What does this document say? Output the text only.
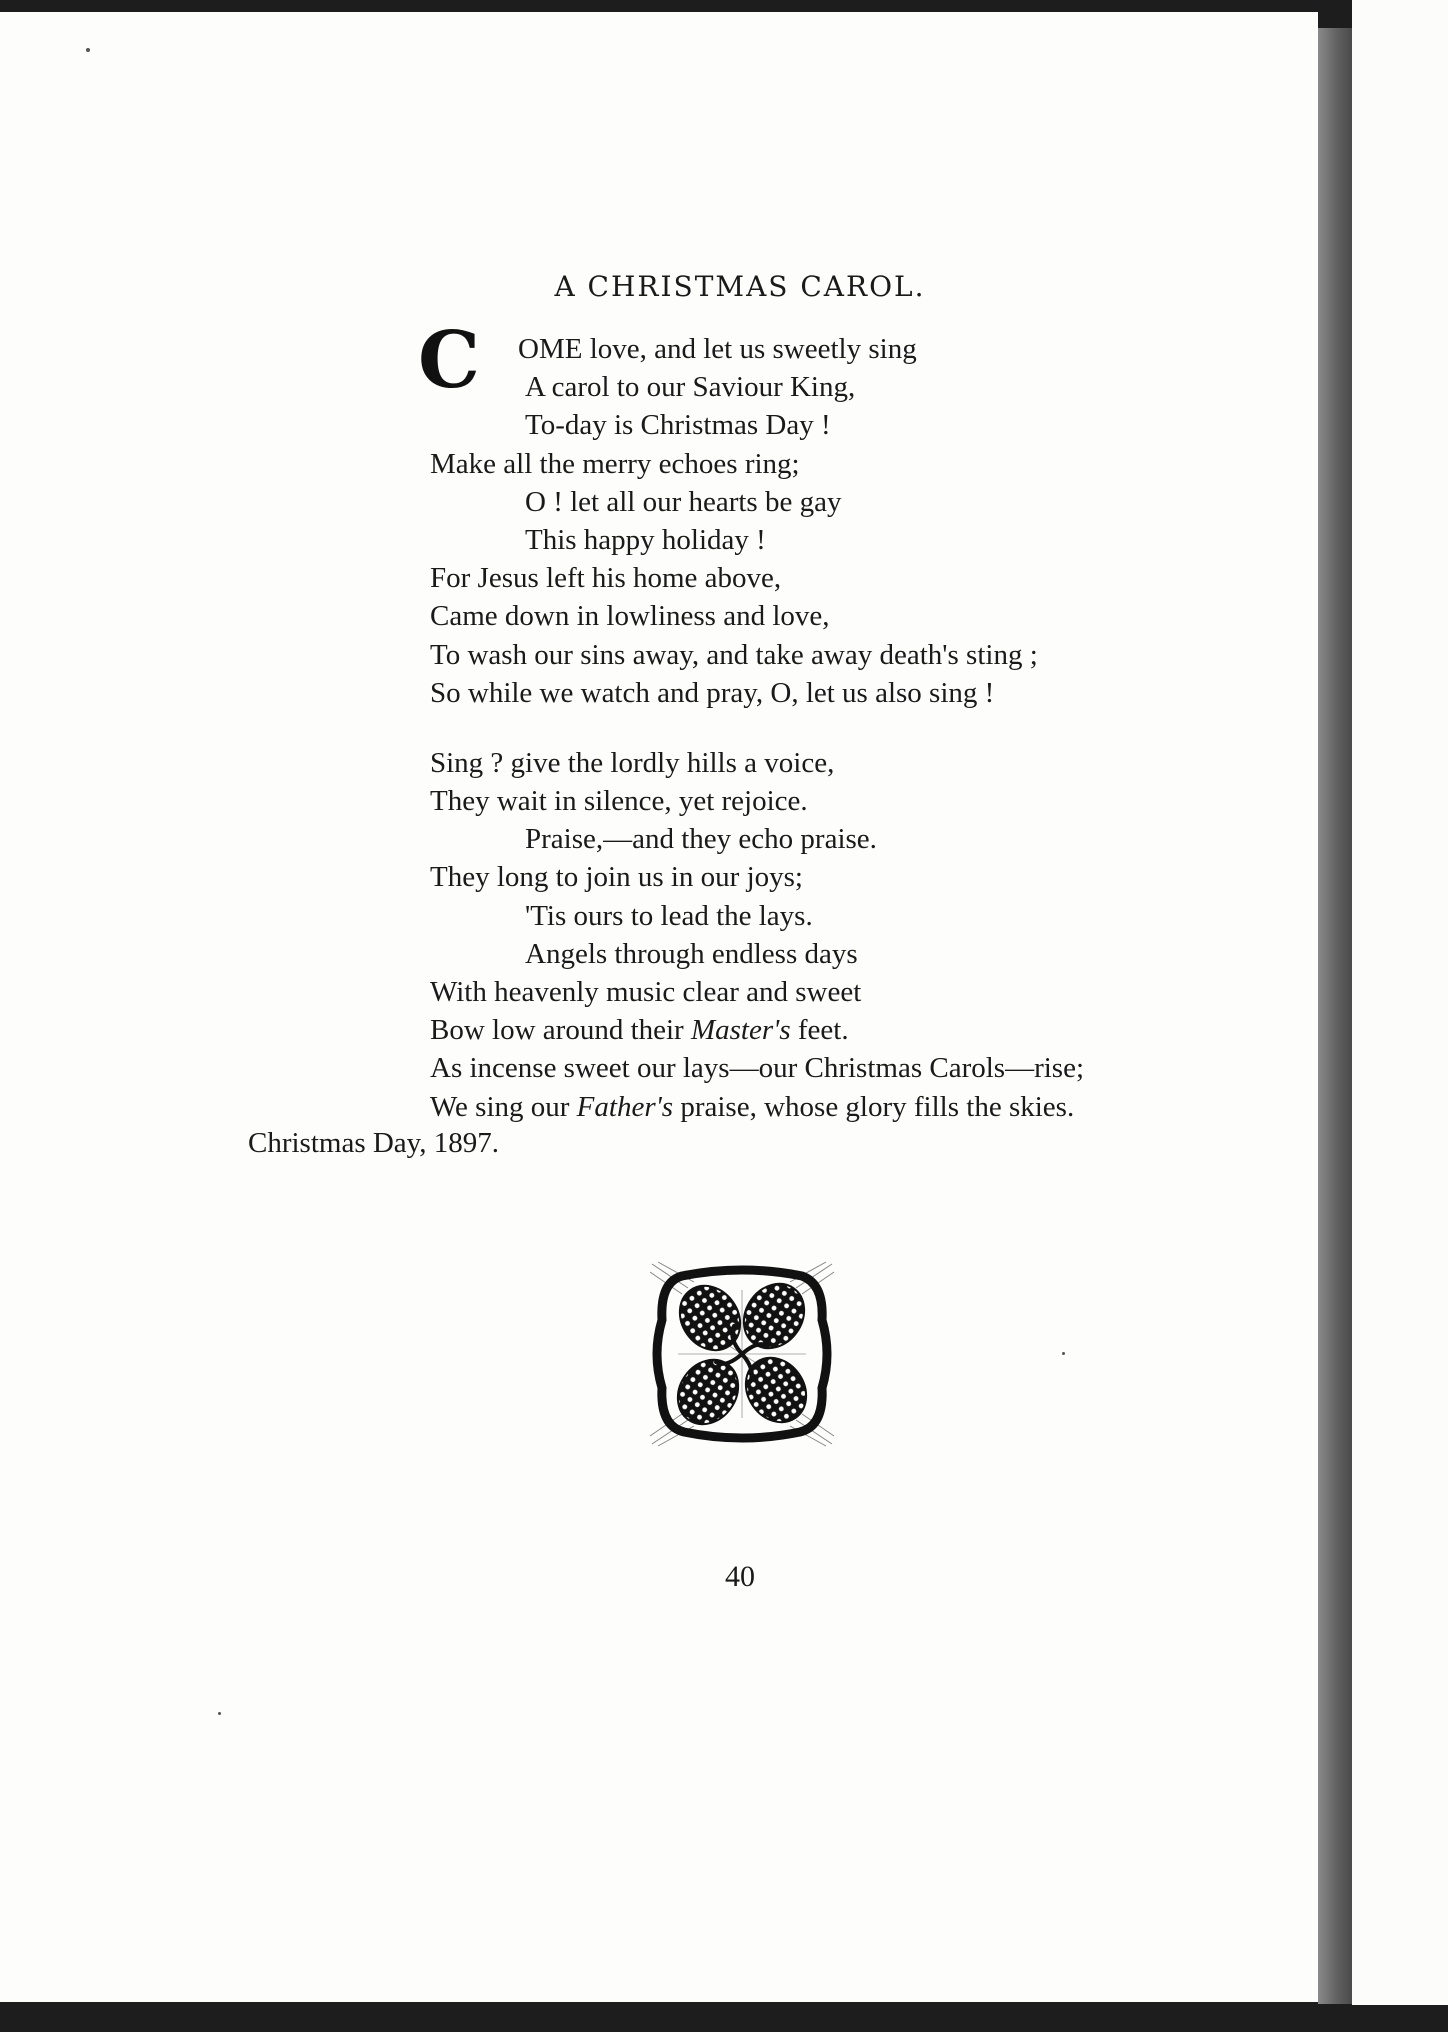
A CHRISTMAS CAROL.
C	OME love, and let us sweetly sing
A carol to our Saviour King,
To-day is Christmas Day !
Make all the merry echoes ring;
O ! let all our hearts be gay
This happy holiday !
For Jesus left his home above,
Came down in lowliness and love,
To wash our sins away, and take away death's sting ;
So while we watch and pray, O, let us also sing !
Sing ? give the lordly hills a voice,
They wait in silence, yet rejoice.
Praise,—and they echo praise.
They long to join us in our joys;
'Tis ours to lead the lays.
Angels through endless days
With heavenly music clear and sweet
Bow low around their Master's feet.
As incense sweet our lays—our Christmas Carols—rise;
We sing our Father's praise, whose glory fills the skies.
Christmas Day, 1897.
40
